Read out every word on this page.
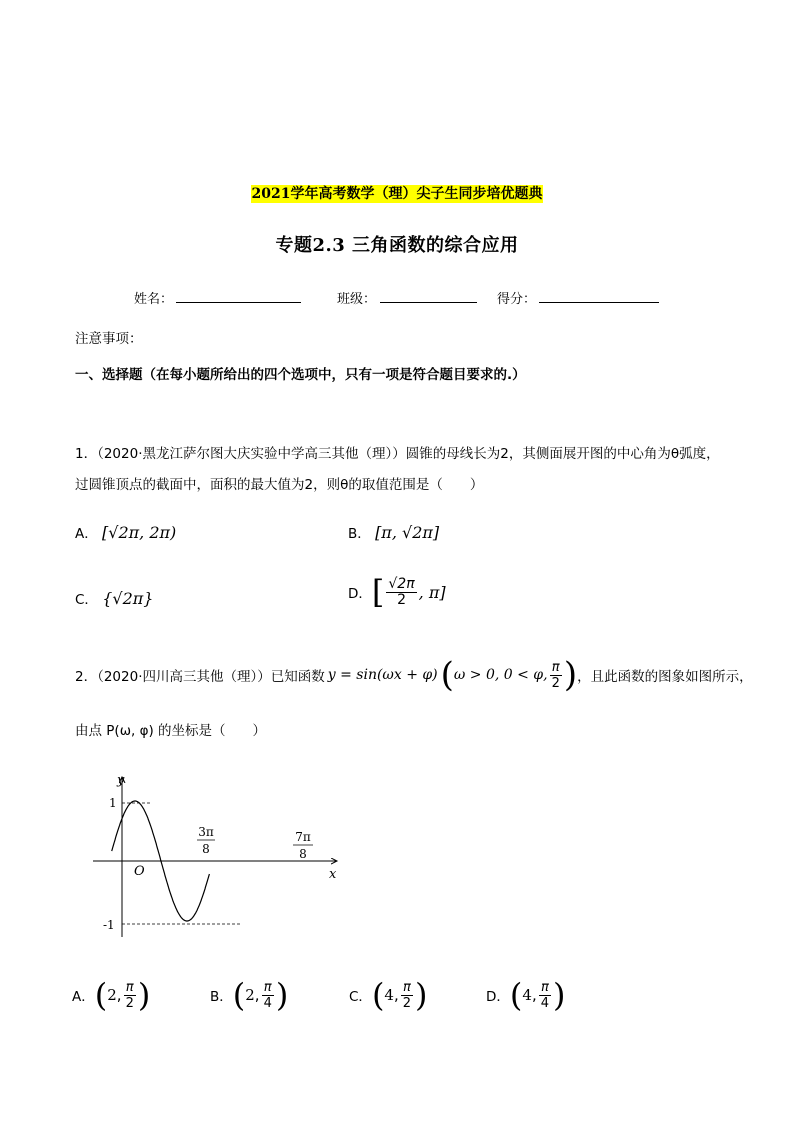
2021学年高考数学（理）尖子生同步培优题典
专题2.3 三角函数的综合应用
姓名：	班级：	得分：
注意事项：
一、选择题（在每小题所给出的四个选项中，只有一项是符合题目要求的.）
1．（2020·黑龙江萨尔图大庆实验中学高三其他（理））圆锥的母线长为2，其侧面展开图的中心角为θ弧度，
过圆锥顶点的截面中，面积的最大值为2，则θ的取值范围是（　　）
A． [√2π, 2π)	B． [π, √2π]
C． {√2π}	D． [ $\frac{√2\pi}{2}$ , π]
2．（2020·四川高三其他（理））已知函数 y = sin(ωx + φ) ( ω > 0, 0 < φ, $\frac{\pi}{2}$ ) ，且此函数的图象如图所示，
由点 P(ω, φ) 的坐标是（　　）
y
x
O
1
-1
3π
8
7π
8
A． ( 2 , $\frac{\pi}{2}$ )	B． ( 2 , $\frac{\pi}{4}$ )	C． ( 4 , $\frac{\pi}{2}$ )	D． ( 4 , $\frac{\pi}{4}$ )
